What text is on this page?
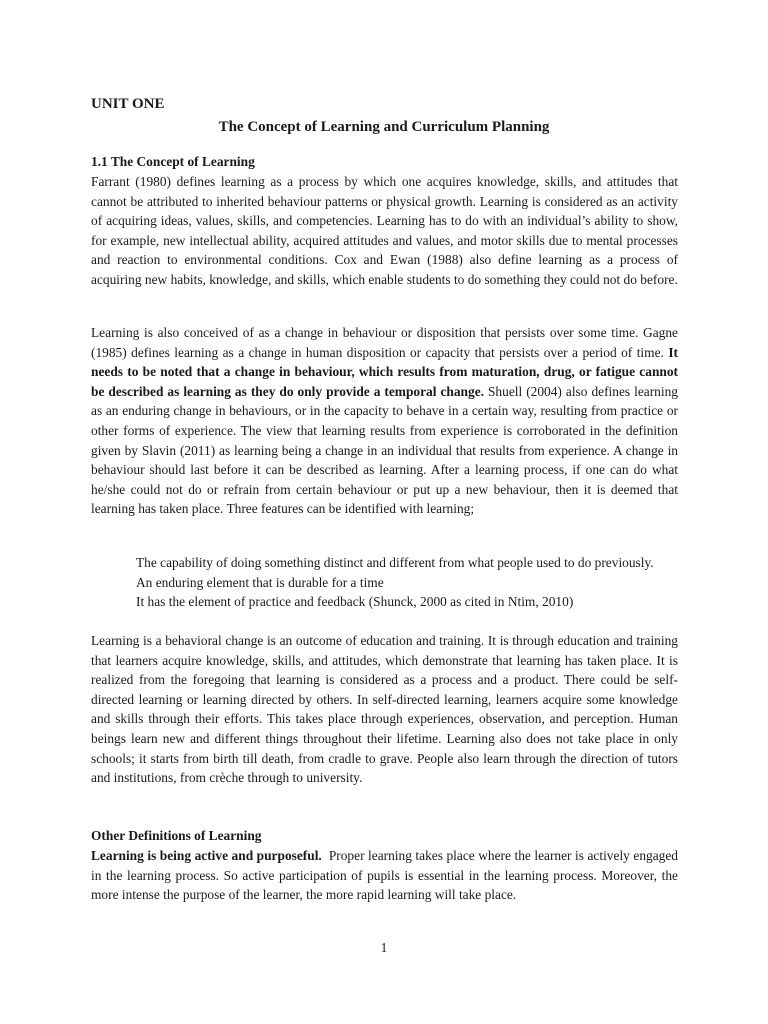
UNIT ONE
The Concept of Learning and Curriculum Planning
1.1 The Concept of Learning
Farrant (1980) defines learning as a process by which one acquires knowledge, skills, and attitudes that cannot be attributed to inherited behaviour patterns or physical growth. Learning is considered as an activity of acquiring ideas, values, skills, and competencies. Learning has to do with an individual’s ability to show, for example, new intellectual ability, acquired attitudes and values, and motor skills due to mental processes and reaction to environmental conditions. Cox and Ewan (1988) also define learning as a process of acquiring new habits, knowledge, and skills, which enable students to do something they could not do before.
Learning is also conceived of as a change in behaviour or disposition that persists over some time. Gagne (1985) defines learning as a change in human disposition or capacity that persists over a period of time. It needs to be noted that a change in behaviour, which results from maturation, drug, or fatigue cannot be described as learning as they do only provide a temporal change. Shuell (2004) also defines learning as an enduring change in behaviours, or in the capacity to behave in a certain way, resulting from practice or other forms of experience. The view that learning results from experience is corroborated in the definition given by Slavin (2011) as learning being a change in an individual that results from experience. A change in behaviour should last before it can be described as learning. After a learning process, if one can do what he/she could not do or refrain from certain behaviour or put up a new behaviour, then it is deemed that learning has taken place. Three features can be identified with learning;

The capability of doing something distinct and different from what people used to do previously.

An enduring element that is durable for a time

It has the element of practice and feedback (Shunck, 2000 as cited in Ntim, 2010)

Learning is a behavioral change is an outcome of education and training. It is through education and training that learners acquire knowledge, skills, and attitudes, which demonstrate that learning has taken place. It is realized from the foregoing that learning is considered as a process and a product. There could be self-directed learning or learning directed by others. In self-directed learning, learners acquire some knowledge and skills through their efforts. This takes place through experiences, observation, and perception. Human beings learn new and different things throughout their lifetime. Learning also does not take place in only schools; it starts from birth till death, from cradle to grave. People also learn through the direction of tutors and institutions, from crèche through to university.
Other Definitions of Learning
Learning is being active and purposeful.  Proper learning takes place where the learner is actively engaged in the learning process. So active participation of pupils is essential in the learning process. Moreover, the more intense the purpose of the learner, the more rapid learning will take place.
1
